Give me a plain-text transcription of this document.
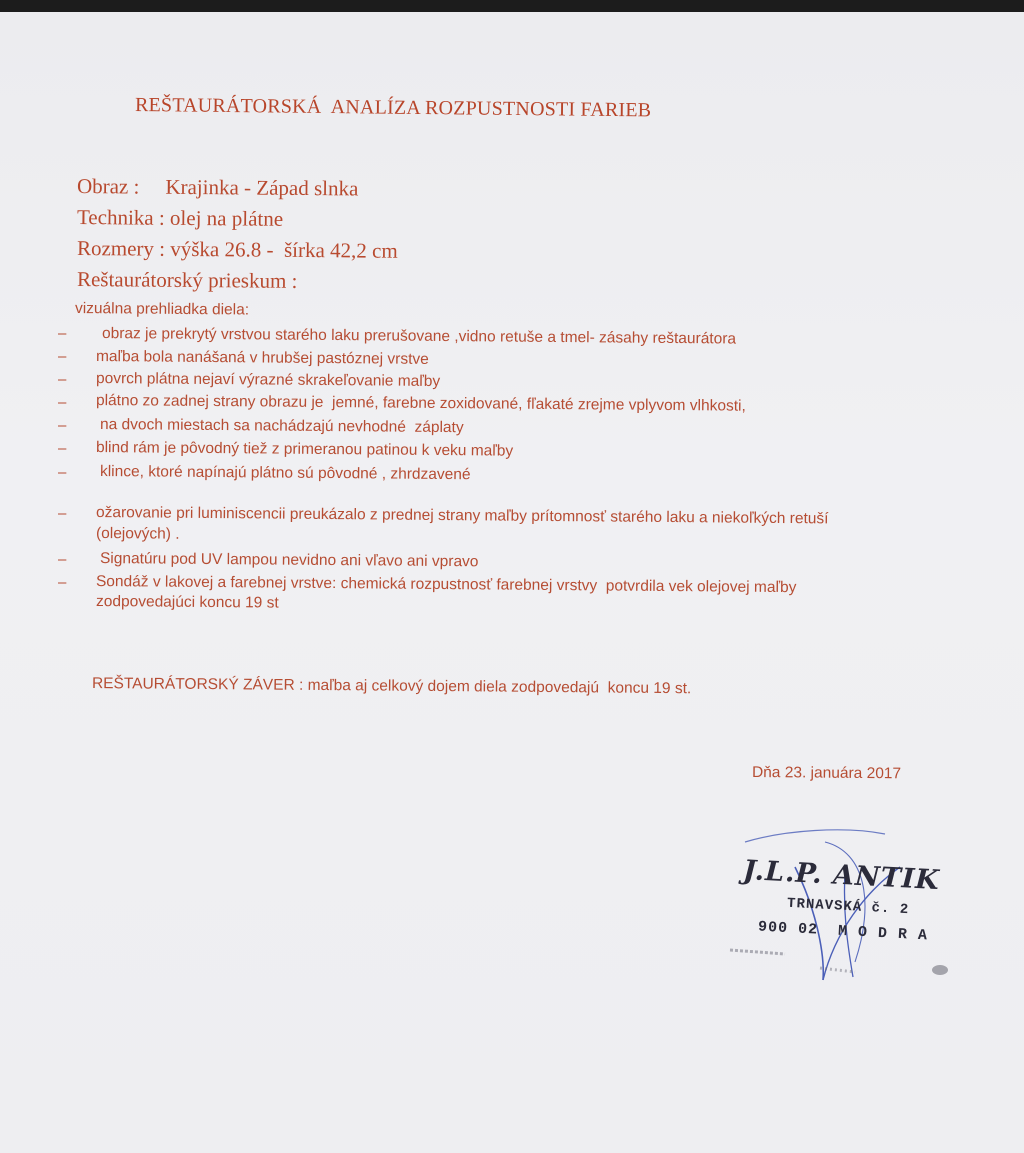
REŠTAURÁTORSKÁ  ANALÍZA ROZPUSTNOSTI FARIEB
Obraz : Krajinka - Západ slnka
Technika : olej na plátne
Rozmery : výška 26.8 -  šírka 42,2 cm
Reštaurátorský prieskum :
vizuálna prehliadka diela:
– obraz je prekrytý vrstvou starého laku prerušovane ,vidno retuše a tmel- zásahy reštaurátora
– maľba bola nanášaná v hrubšej pastóznej vrstve
– povrch plátna nejaví výrazné skrakeľovanie maľby
– plátno zo zadnej strany obrazu je  jemné, farebne zoxidované, fľakaté zrejme vplyvom vlhkosti,
– na dvoch miestach sa nachádzajú nevhodné  záplaty
– blind rám je pôvodný tiež z primeranou patinou k veku maľby
– klince, ktoré napínajú plátno sú pôvodné , zhrdzavené
– ožarovanie pri luminiscencii preukázalo z prednej strany maľby prítomnosť starého laku a niekoľkých retuší
(olejových) .
– Signatúru pod UV lampou nevidno ani vľavo ani vpravo
– Sondáž v lakovej a farebnej vrstve: chemická rozpustnosť farebnej vrstvy  potvrdila vek olejovej maľby
zodpovedajúci koncu 19 st
REŠTAURÁTORSKÝ ZÁVER : maľba aj celkový dojem diela zodpovedajú  koncu 19 st.
Dňa 23. januára 2017
J.L.P. ANTIK
TRNAVSKÁ č. 2
900 02  M O D R A
